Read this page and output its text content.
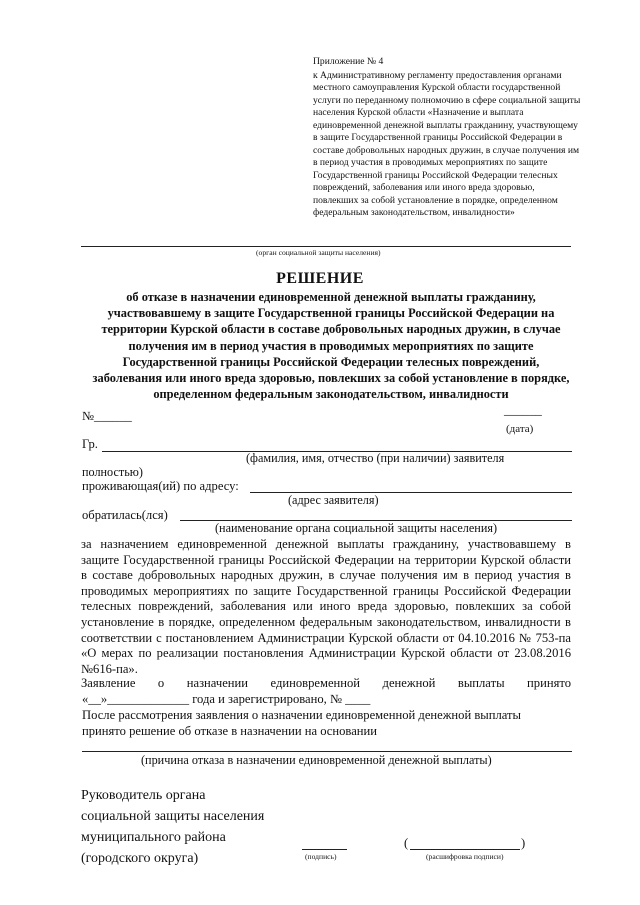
Приложение № 4
к Административному регламенту предоставления органами местного самоуправления Курской области государственной услуги по переданному полномочию в сфере социальной защиты населения Курской области «Назначение и выплата единовременной денежной выплаты гражданину, участвующему в защите Государственной границы Российской Федерации в составе добровольных народных дружин, в случае получения им в период участия в проводимых мероприятиях по защите Государственной границы Российской Федерации телесных повреждений, заболевания или иного вреда здоровью, повлекших за собой установление в порядке, определенном федеральным законодательством, инвалидности»
(орган социальной защиты населения)
РЕШЕНИЕ
об отказе в назначении единовременной денежной выплаты гражданину, участвовавшему в защите Государственной границы Российской Федерации на территории Курской области в составе добровольных народных дружин, в случае получения им в период участия в проводимых мероприятиях по защите Государственной границы Российской Федерации телесных повреждений, заболевания или иного вреда здоровью, повлекших за собой установление в порядке, определенном федеральным законодательством, инвалидности
№______	______
(дата)
Гр.
(фамилия, имя, отчество (при наличии) заявителя
полностью)
проживающая(ий) по адресу:
(адрес заявителя)
обратилась(лся)
(наименование органа социальной защиты населения)
за назначением единовременной денежной выплаты гражданину, участвовавшему в защите Государственной границы Российской Федерации на территории Курской области в составе добровольных народных дружин, в случае получения им в период участия в проводимых мероприятиях по защите Государственной границы Российской Федерации телесных повреждений, заболевания или иного вреда здоровью, повлекших за собой установление в порядке, определенном федеральным законодательством, инвалидности в соответствии с постановлением Администрации Курской области от 04.10.2016 № 753-па «О мерах по реализации постановления Администрации Курской области от 23.08.2016 №616-па».
Заявление о назначении единовременной денежной выплаты принято
«__»_____________ года и зарегистрировано, № ____
После рассмотрения заявления о назначении единовременной денежной выплаты
принято решение об отказе в назначении на основании
(причина отказа в назначении единовременной денежной выплаты)
Руководитель органа
социальной защиты населения
муниципального района
(городского округа)	(подпись)
(	)
(расшифровка подписи)
